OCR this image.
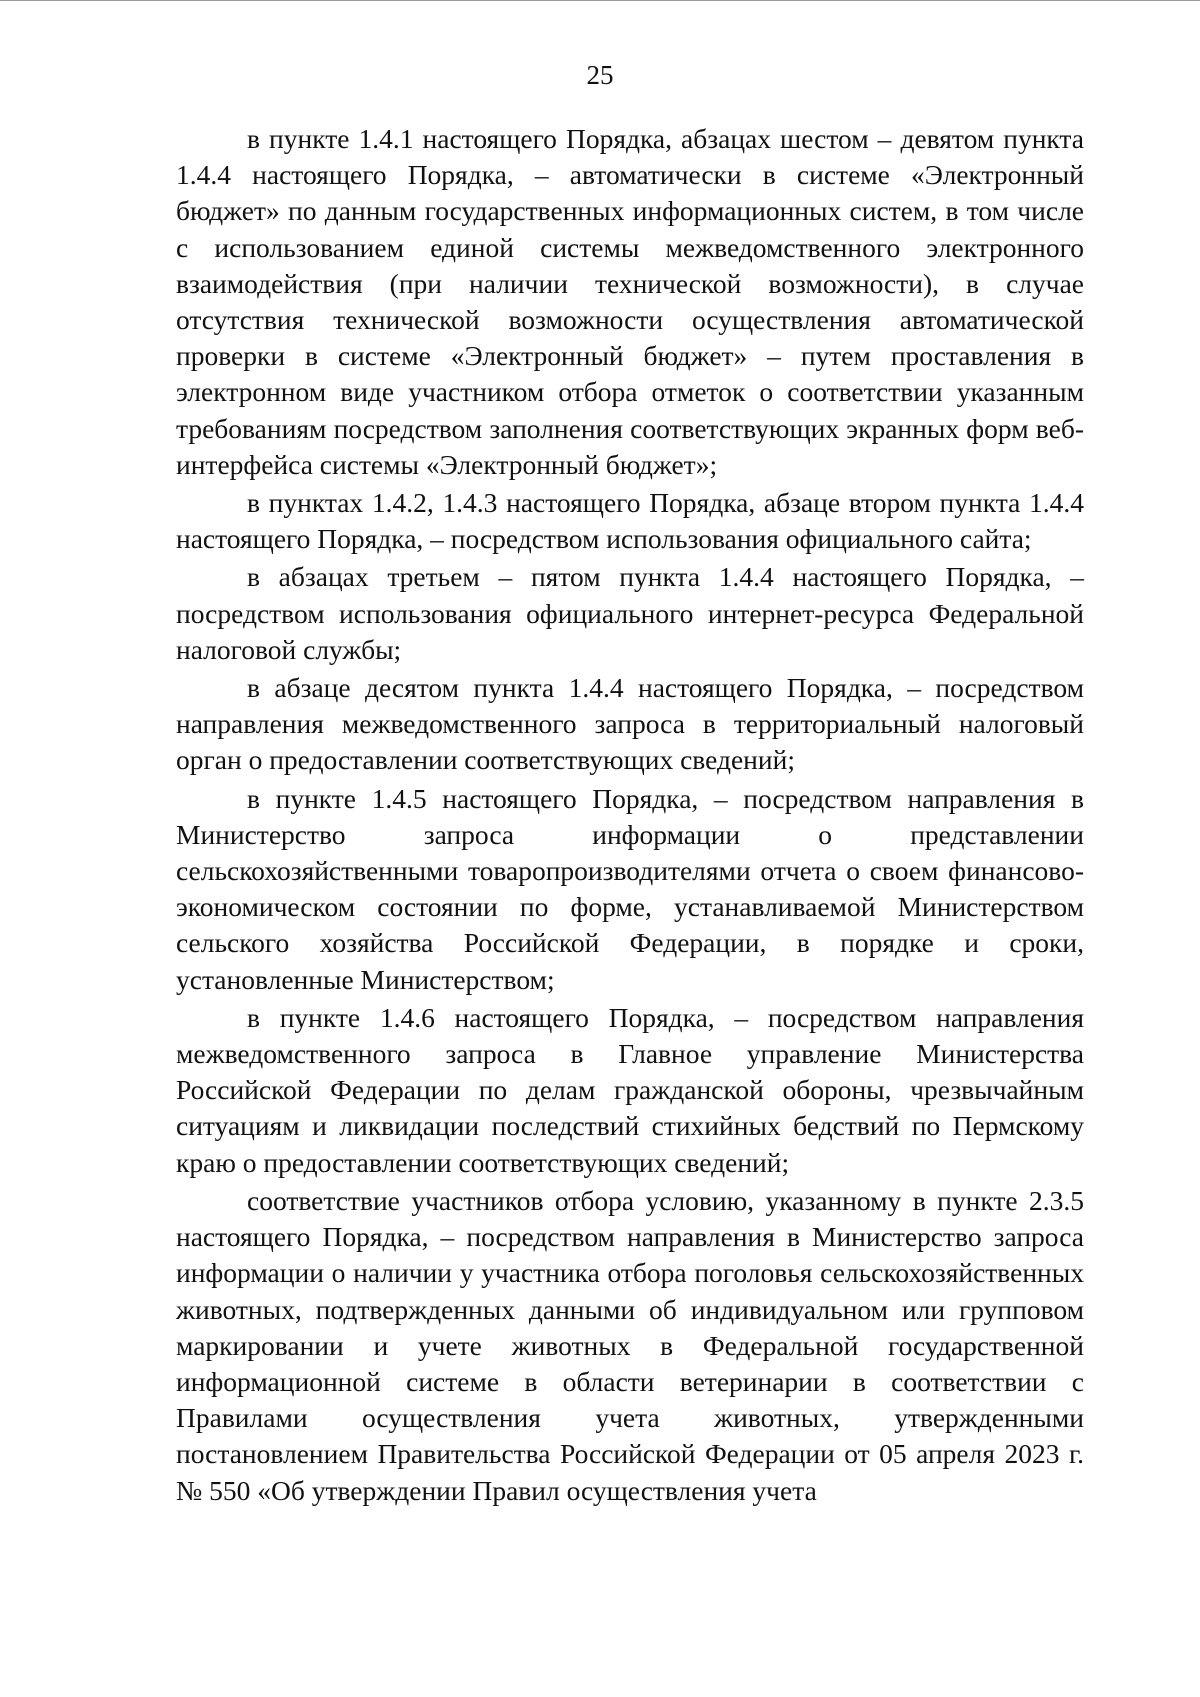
25

в пункте 1.4.1 настоящего Порядка, абзацах шестом – девятом пункта 1.4.4 настоящего Порядка, – автоматически в системе «Электронный бюджет» по данным государственных информационных систем, в том числе с использованием единой системы межведомственного электронного взаимодействия (при наличии технической возможности), в случае отсутствия технической возможности осуществления автоматической проверки в системе «Электронный бюджет» – путем проставления в электронном виде участником отбора отметок о соответствии указанным требованиям посредством заполнения соответствующих экранных форм веб-интерфейса системы «Электронный бюджет»;

в пунктах 1.4.2, 1.4.3 настоящего Порядка, абзаце втором пункта 1.4.4 настоящего Порядка, – посредством использования официального сайта;

в абзацах третьем – пятом пункта 1.4.4 настоящего Порядка, – посредством использования официального интернет-ресурса Федеральной налоговой службы;

в абзаце десятом пункта 1.4.4 настоящего Порядка, – посредством направления межведомственного запроса в территориальный налоговый орган о предоставлении соответствующих сведений;

в пункте 1.4.5 настоящего Порядка, – посредством направления в Министерство запроса информации о представлении сельскохозяйственными товаропроизводителями отчета о своем финансово-экономическом состоянии по форме, устанавливаемой Министерством сельского хозяйства Российской Федерации, в порядке и сроки, установленные Министерством;

в пункте 1.4.6 настоящего Порядка, – посредством направления межведомственного запроса в Главное управление Министерства Российской Федерации по делам гражданской обороны, чрезвычайным ситуациям и ликвидации последствий стихийных бедствий по Пермскому краю о предоставлении соответствующих сведений;

соответствие участников отбора условию, указанному в пункте 2.3.5 настоящего Порядка, – посредством направления в Министерство запроса информации о наличии у участника отбора поголовья сельскохозяйственных животных, подтвержденных данными об индивидуальном или групповом маркировании и учете животных в Федеральной государственной информационной системе в области ветеринарии в соответствии с Правилами осуществления учета животных, утвержденными постановлением Правительства Российской Федерации от 05 апреля 2023 г. № 550 «Об утверждении Правил осуществления учета
